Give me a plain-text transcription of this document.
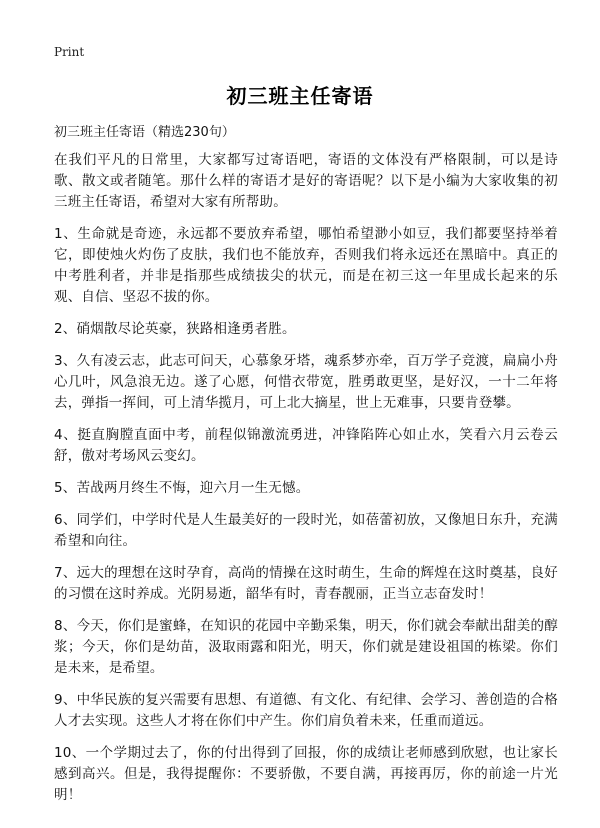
Print
初三班主任寄语
初三班主任寄语（精选230句）

在我们平凡的日常里，大家都写过寄语吧，寄语的文体没有严格限制，可以是诗歌、散文或者随笔。那什么样的寄语才是好的寄语呢？以下是小编为大家收集的初三班主任寄语，希望对大家有所帮助。

1、生命就是奇迹，永远都不要放弃希望，哪怕希望渺小如豆，我们都要坚持举着它，即使烛火灼伤了皮肤，我们也不能放弃，否则我们将永远还在黑暗中。真正的中考胜利者，并非是指那些成绩拔尖的状元，而是在初三这一年里成长起来的乐观、自信、坚忍不拔的你。

2、硝烟散尽论英豪，狭路相逢勇者胜。

3、久有凌云志，此志可问天，心慕象牙塔，魂系梦亦牵，百万学子竞渡，扁扁小舟心几叶，风急浪无边。遂了心愿，何惜衣带宽，胜勇敢更坚，是好汉，一十二年将去，弹指一挥间，可上清华揽月，可上北大摘星，世上无难事，只要肯登攀。

4、挺直胸膛直面中考，前程似锦激流勇进，冲锋陷阵心如止水，笑看六月云卷云舒，傲对考场风云变幻。

5、苦战两月终生不悔，迎六月一生无憾。

6、同学们，中学时代是人生最美好的一段时光，如蓓蕾初放，又像旭日东升，充满希望和向往。

7、远大的理想在这时孕育，高尚的情操在这时萌生，生命的辉煌在这时奠基，良好的习惯在这时养成。光阴易逝，韶华有时，青春靓丽，正当立志奋发时！

8、今天，你们是蜜蜂，在知识的花园中辛勤采集，明天，你们就会奉献出甜美的醇浆；今天，你们是幼苗，汲取雨露和阳光，明天，你们就是建设祖国的栋梁。你们是未来，是希望。

9、中华民族的复兴需要有思想、有道德、有文化、有纪律、会学习、善创造的合格人才去实现。这些人才将在你们中产生。你们肩负着未来，任重而道远。

10、一个学期过去了，你的付出得到了回报，你的成绩让老师感到欣慰，也让家长感到高兴。但是，我得提醒你：不要骄傲，不要自满，再接再厉，你的前途一片光明！
